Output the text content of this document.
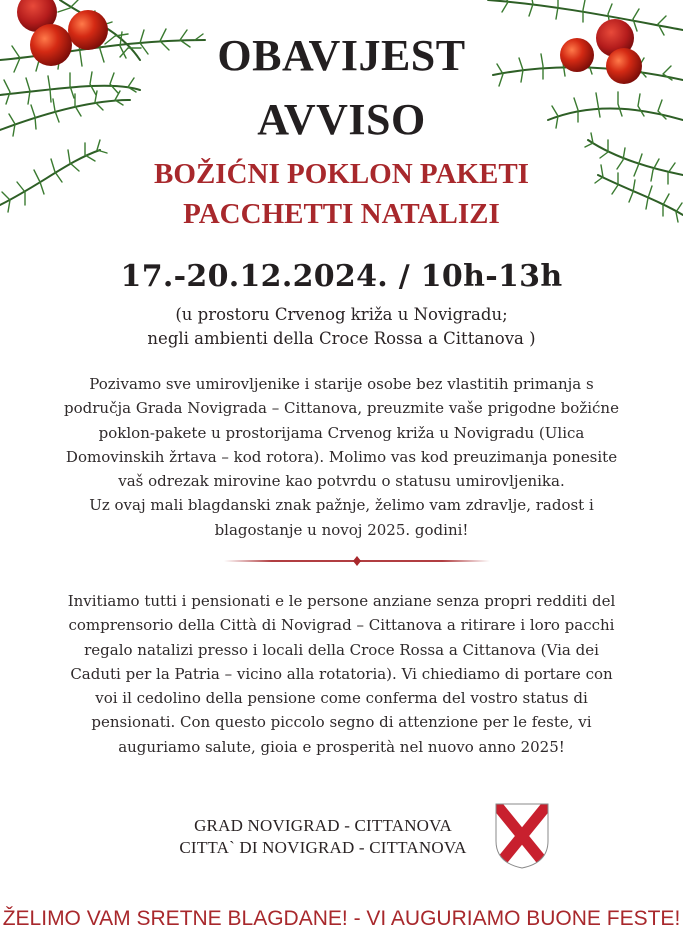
OBAVIJEST
AVVISO
BOŽIĆNI POKLON PAKETI
PACCHETTI NATALIZI
17.-20.12.2024. / 10h-13h
(u prostoru Crvenog križa u Novigradu;
negli ambienti della Croce Rossa a Cittanova )
Pozivamo sve umirovljenike i starije osobe bez vlastitih primanja s
područja Grada Novigrada – Cittanova, preuzmite vaše prigodne božićne
poklon-pakete u prostorijama Crvenog križa u Novigradu (Ulica
Domovinskih žrtava – kod rotora). Molimo vas kod preuzimanja ponesite
vaš odrezak mirovine kao potvrdu o statusu umirovljenika.
Uz ovaj mali blagdanski znak pažnje, želimo vam zdravlje, radost i
blagostanje u novoj 2025. godini!
Invitiamo tutti i pensionati e le persone anziane senza propri redditi del
comprensorio della Città di Novigrad – Cittanova a ritirare i loro pacchi
regalo natalizi presso i locali della Croce Rossa a Cittanova (Via dei
Caduti per la Patria – vicino alla rotatoria). Vi chiediamo di portare con
voi il cedolino della pensione come conferma del vostro status di
pensionati. Con questo piccolo segno di attenzione per le feste, vi
auguriamo salute, gioia e prosperità nel nuovo anno 2025!
GRAD NOVIGRAD - CITTANOVA
CITTA` DI NOVIGRAD - CITTANOVA
ŽELIMO VAM SRETNE BLAGDANE! - VI AUGURIAMO BUONE FESTE!
